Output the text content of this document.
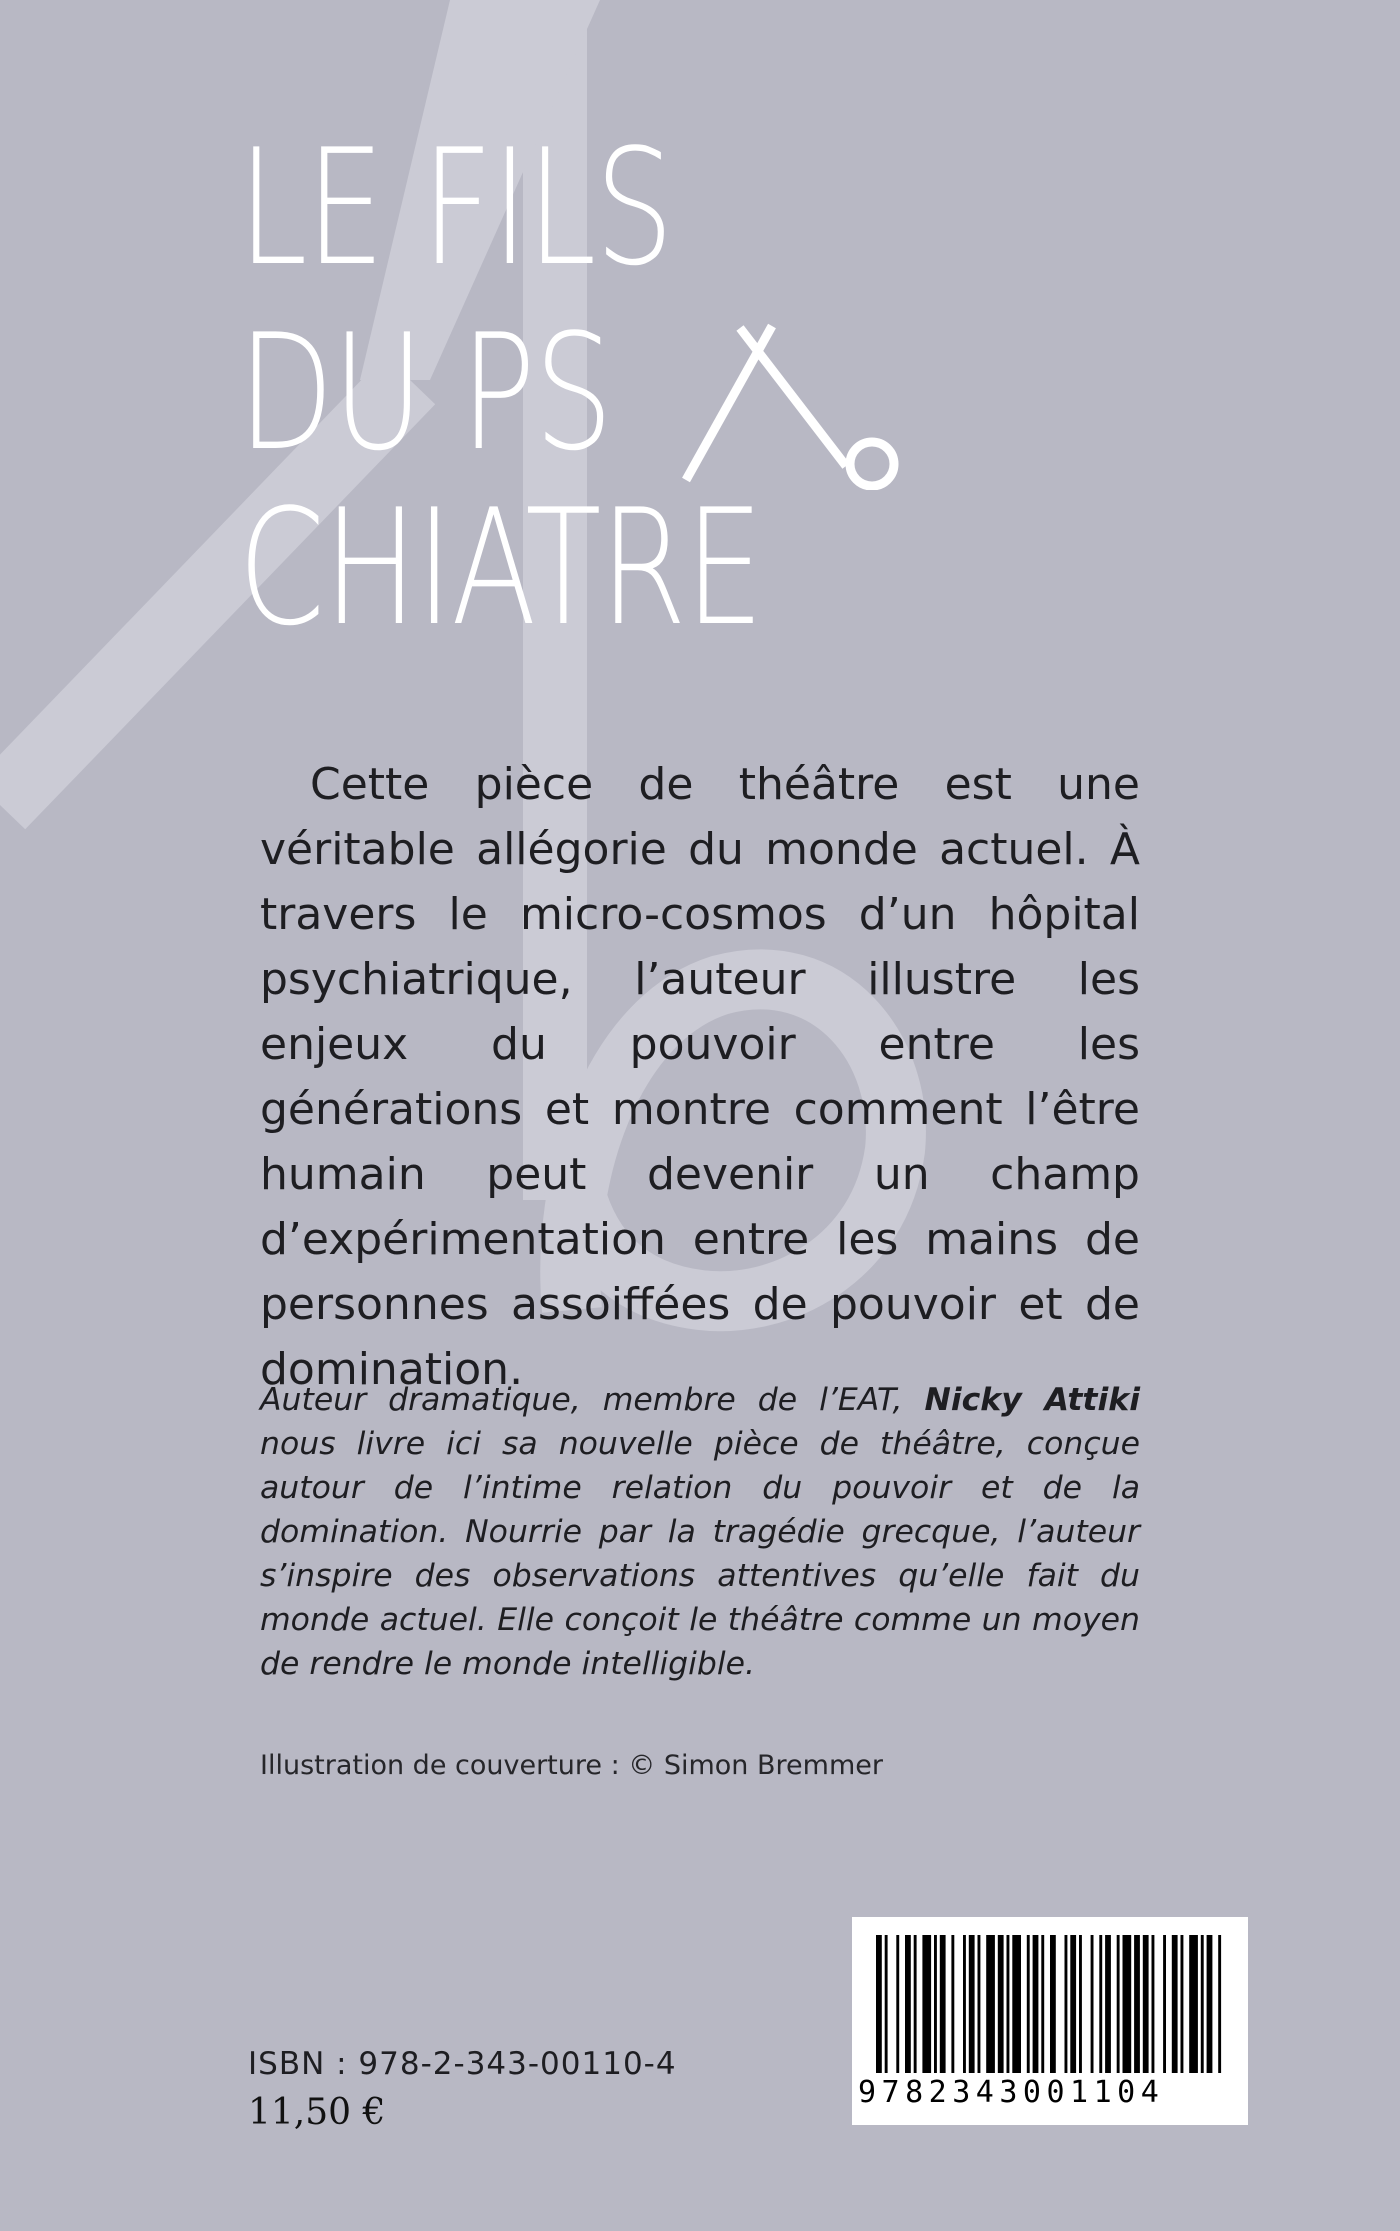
LE FILS
DU PS
CHIATRE

Cette pièce de théâtre est une véritable allégorie du monde actuel. À travers le micro-cosmos d’un hôpital psychiatrique, l’auteur illustre les enjeux du pouvoir entre les générations et montre comment l’être humain peut devenir un champ d’expérimentation entre les mains de personnes assoiffées de pouvoir et de domination.

Auteur dramatique, membre de l’EAT, Nicky Attiki nous livre ici sa nouvelle pièce de théâtre, conçue autour de l’intime relation du pouvoir et de la domination. Nourrie par la tragédie grecque, l’auteur s’inspire des observations attentives qu’elle fait du monde actuel. Elle conçoit le théâtre comme un moyen de rendre le monde intelligible.

Illustration de couverture : © Simon Bremmer

ISBN : 978-2-343-00110-4

11,50 €	9782343001104
